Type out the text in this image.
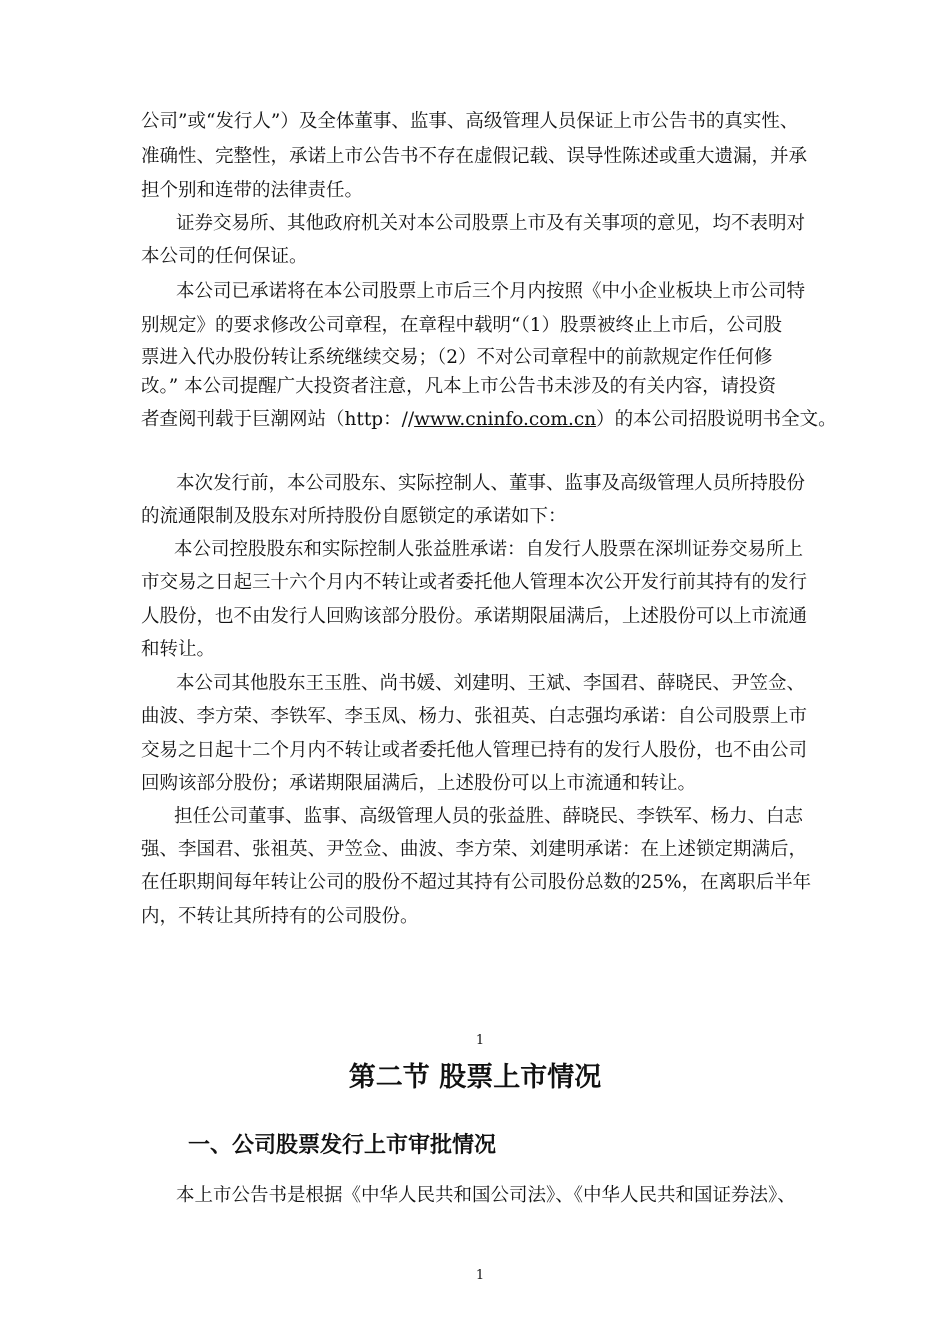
公司”或“发行人”）及全体董事、监事、高级管理人员保证上市公告书的真实性、
准确性、完整性，承诺上市公告书不存在虚假记载、误导性陈述或重大遗漏，并承
担个别和连带的法律责任。
证券交易所、其他政府机关对本公司股票上市及有关事项的意见，均不表明对
本公司的任何保证。
本公司已承诺将在本公司股票上市后三个月内按照《中小企业板块上市公司特
别规定》的要求修改公司章程，在章程中载明“（1）股票被终止上市后，公司股
票进入代办股份转让系统继续交易；（2）不对公司章程中的前款规定作任何修
改。” 本公司提醒广大投资者注意，凡本上市公告书未涉及的有关内容，请投资
者查阅刊载于巨潮网站（http：//www.cninfo.com.cn）的本公司招股说明书全文。
本次发行前，本公司股东、实际控制人、董事、监事及高级管理人员所持股份
的流通限制及股东对所持股份自愿锁定的承诺如下：
本公司控股股东和实际控制人张益胜承诺：自发行人股票在深圳证券交易所上
市交易之日起三十六个月内不转让或者委托他人管理本次公开发行前其持有的发行
人股份，也不由发行人回购该部分股份。承诺期限届满后，上述股份可以上市流通
和转让。
本公司其他股东王玉胜、尚书媛、刘建明、王斌、李国君、薛晓民、尹笠佥、
曲波、李方荣、李铁军、李玉凤、杨力、张祖英、白志强均承诺：自公司股票上市
交易之日起十二个月内不转让或者委托他人管理已持有的发行人股份，也不由公司
回购该部分股份；承诺期限届满后，上述股份可以上市流通和转让。
担任公司董事、监事、高级管理人员的张益胜、薛晓民、李铁军、杨力、白志
强、李国君、张祖英、尹笠佥、曲波、李方荣、刘建明承诺：在上述锁定期满后，
在任职期间每年转让公司的股份不超过其持有公司股份总数的25%，在离职后半年
内，不转让其所持有的公司股份。
1
第二节 股票上市情况
一、公司股票发行上市审批情况
本上市公告书是根据《中华人民共和国公司法》、《中华人民共和国证券法》、
1
